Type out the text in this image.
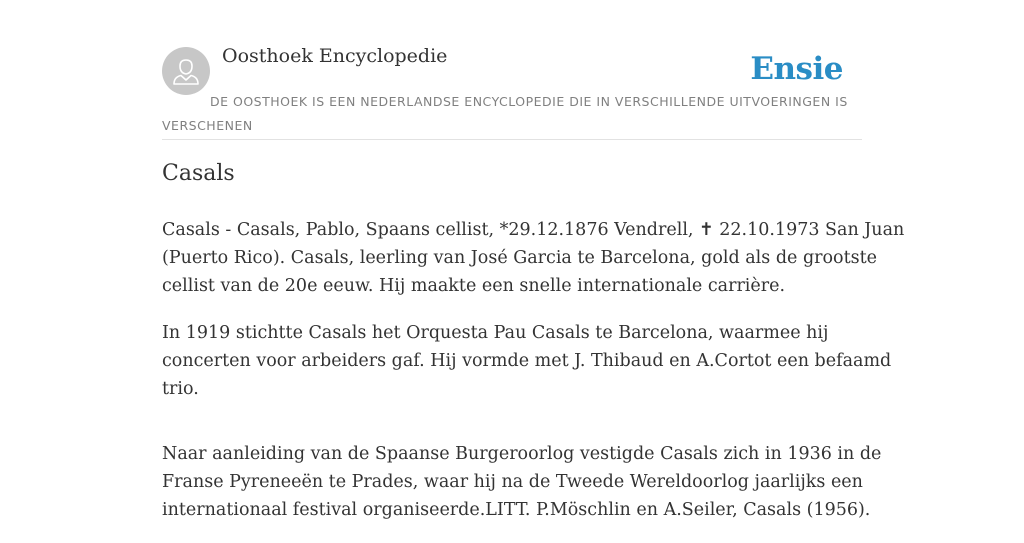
Oosthoek Encyclopedie	Ensie
DE OOSTHOEK IS EEN NEDERLANDSE ENCYCLOPEDIE DIE IN VERSCHILLENDE UITVOERINGEN IS VERSCHENEN
Casals

Casals - Casals, Pablo, Spaans cellist, *29.12.1876 Vendrell, ✝ 22.10.1973 San Juan
(Puerto Rico). Casals, leerling van José Garcia te Barcelona, gold als de grootste
cellist van de 20e eeuw. Hij maakte een snelle internationale carrière.

In 1919 stichtte Casals het Orquesta Pau Casals te Barcelona, waarmee hij
concerten voor arbeiders gaf. Hij vormde met J. Thibaud en A.Cortot een befaamd
trio.

Naar aanleiding van de Spaanse Burgeroorlog vestigde Casals zich in 1936 in de
Franse Pyreneeën te Prades, waar hij na de Tweede Wereldoorlog jaarlijks een
internationaal festival organiseerde.LITT. P.Möschlin en A.Seiler, Casals (1956).
